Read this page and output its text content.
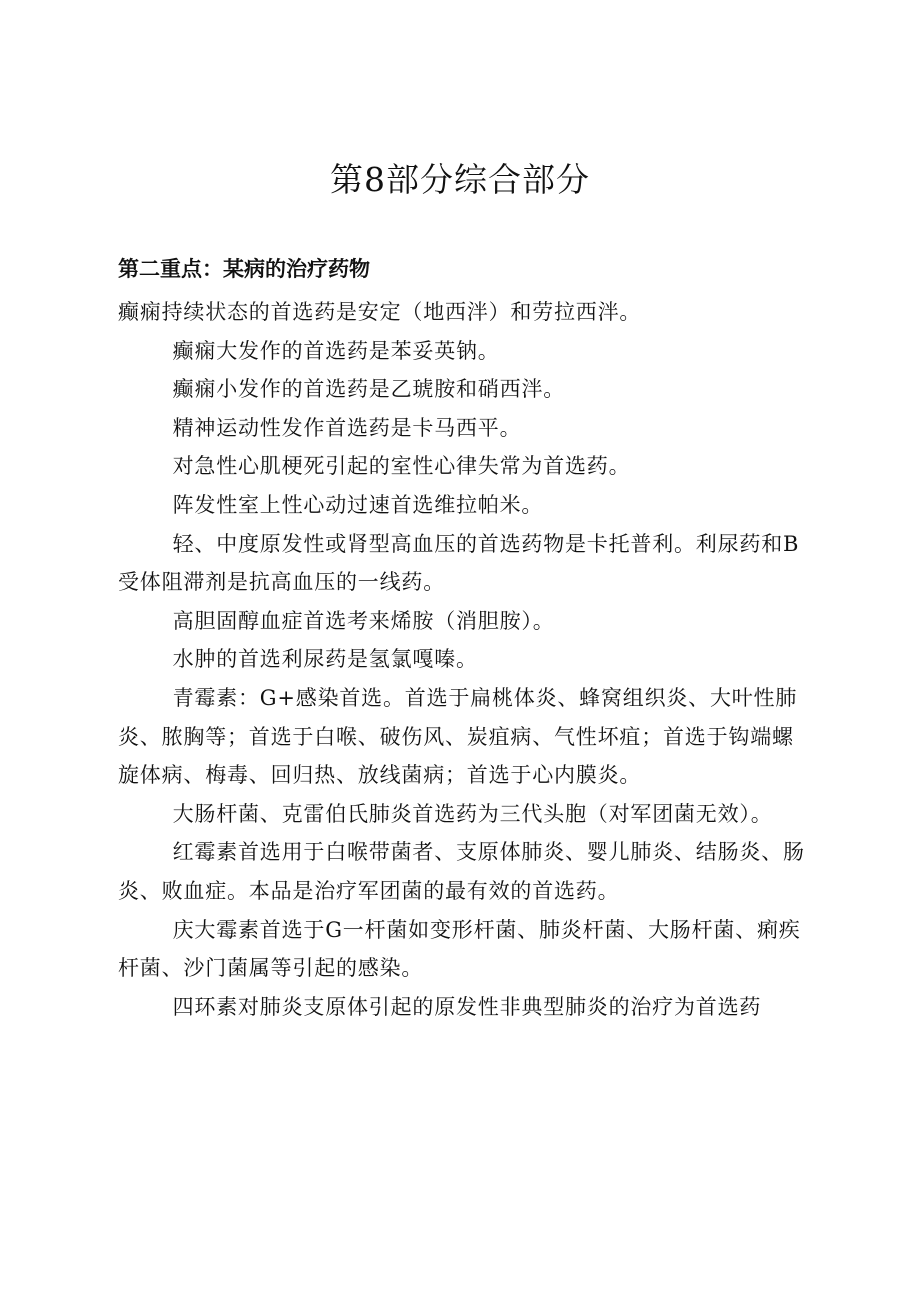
第8部分综合部分
第二重点：某病的治疗药物

癫痫持续状态的首选药是安定（地西泮）和劳拉西泮。

癫痫大发作的首选药是苯妥英钠。

癫痫小发作的首选药是乙琥胺和硝西泮。

精神运动性发作首选药是卡马西平。

对急性心肌梗死引起的室性心律失常为首选药。

阵发性室上性心动过速首选维拉帕米。

轻、中度原发性或肾型高血压的首选药物是卡托普利。利尿药和B受体阻滞剂是抗高血压的一线药。

高胆固醇血症首选考来烯胺（消胆胺）。

水肿的首选利尿药是氢氯嘎嗪。

青霉素：G+感染首选。首选于扁桃体炎、蜂窝组织炎、大叶性肺炎、脓胸等；首选于白喉、破伤风、炭疽病、气性坏疽；首选于钩端螺旋体病、梅毒、回归热、放线菌病；首选于心内膜炎。

大肠杆菌、克雷伯氏肺炎首选药为三代头胞（对军团菌无效）。

红霉素首选用于白喉带菌者、支原体肺炎、婴儿肺炎、结肠炎、肠炎、败血症。本品是治疗军团菌的最有效的首选药。

庆大霉素首选于G一杆菌如变形杆菌、肺炎杆菌、大肠杆菌、痢疾杆菌、沙门菌属等引起的感染。

四环素对肺炎支原体引起的原发性非典型肺炎的治疗为首选药
